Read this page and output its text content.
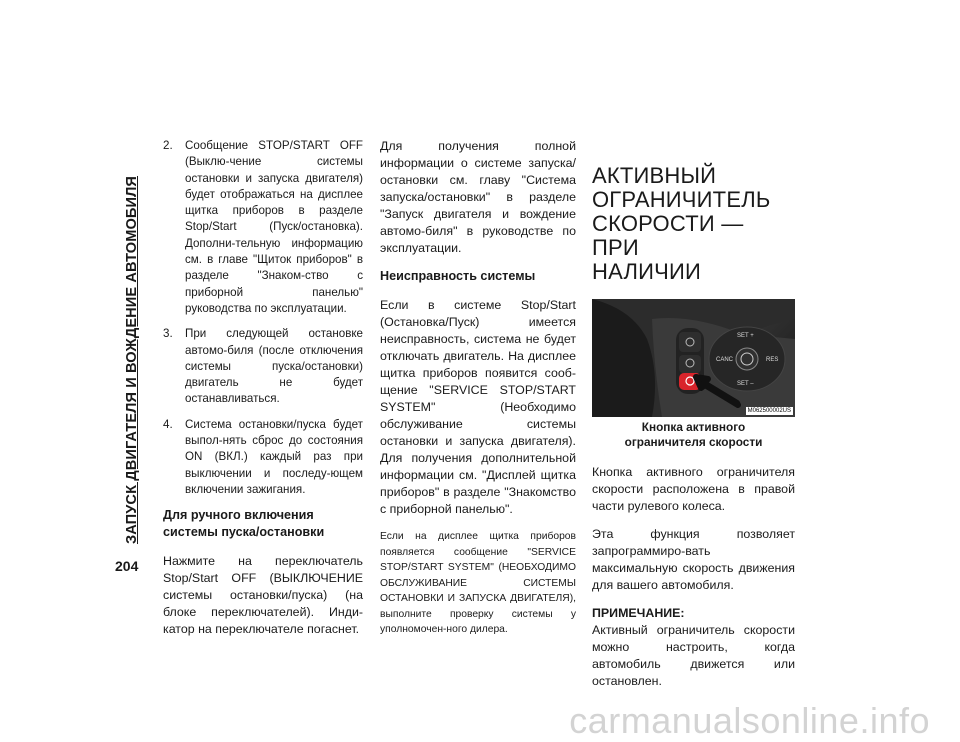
ЗАПУСК ДВИГАТЕЛЯ И ВОЖДЕНИЕ АВТОМОБИЛЯ
204
2.	Сообщение STOP/START OFF (Выклю-чение системы остановки и запуска двигателя) будет отображаться на дисплее щитка приборов в разделе Stop/Start (Пуск/остановка). Дополни-тельную информацию см. в главе "Щиток приборов" в разделе "Знаком-ство с приборной панелью" руководства по эксплуатации.
3.	При следующей остановке автомо-биля (после отключения системы пуска/остановки) двигатель не будет останавливаться.
4.	Система остановки/пуска будет выпол-нять сброс до состояния ON (ВКЛ.) каждый раз при выключении и последу-ющем включении зажигания.
Для ручного включения системы пуска/остановки

Нажмите на переключатель Stop/Start OFF (ВЫКЛЮЧЕНИЕ системы остановки/пуска) (на блоке переключателей). Инди-катор на переключателе погаснет.

Для получения полной информации о системе запуска/остановки см. главу "Система запуска/остановки" в разделе "Запуск двигателя и вождение автомо-биля" в руководстве по эксплуатации.

Неисправность системы

Если в системе Stop/Start (Остановка/Пуск) имеется неисправность, система не будет отключать двигатель. На дисплее щитка приборов появится сооб-щение "SERVICE STOP/START SYSTEM" (Необходимо обслуживание системы остановки и запуска двигателя). Для получения дополнительной информации см. "Дисплей щитка приборов" в разделе "Знакомство с приборной панелью".

Если на дисплее щитка приборов появляется сообщение "SERVICE STOP/START SYSTEM" (НЕОБХОДИМО ОБСЛУЖИВАНИЕ СИСТЕМЫ ОСТАНОВКИ И ЗАПУСКА ДВИГАТЕЛЯ), выполните проверку системы у уполномочен-ного дилера.

АКТИВНЫЙ
ОГРАНИЧИТЕЛЬ
СКОРОСТИ — ПРИ
НАЛИЧИИ
SET +
CANC	RES
SET –
M062500002US
Кнопка активного ограничителя скорости

Кнопка активного ограничителя скорости расположена в правой части рулевого колеса.

Эта функция позволяет запрограммиро-вать максимальную скорость движения для вашего автомобиля.

ПРИМЕЧАНИЕ:

Активный ограничитель скорости можно настроить, когда автомобиль движется или остановлен.

carmanualsonline.info
